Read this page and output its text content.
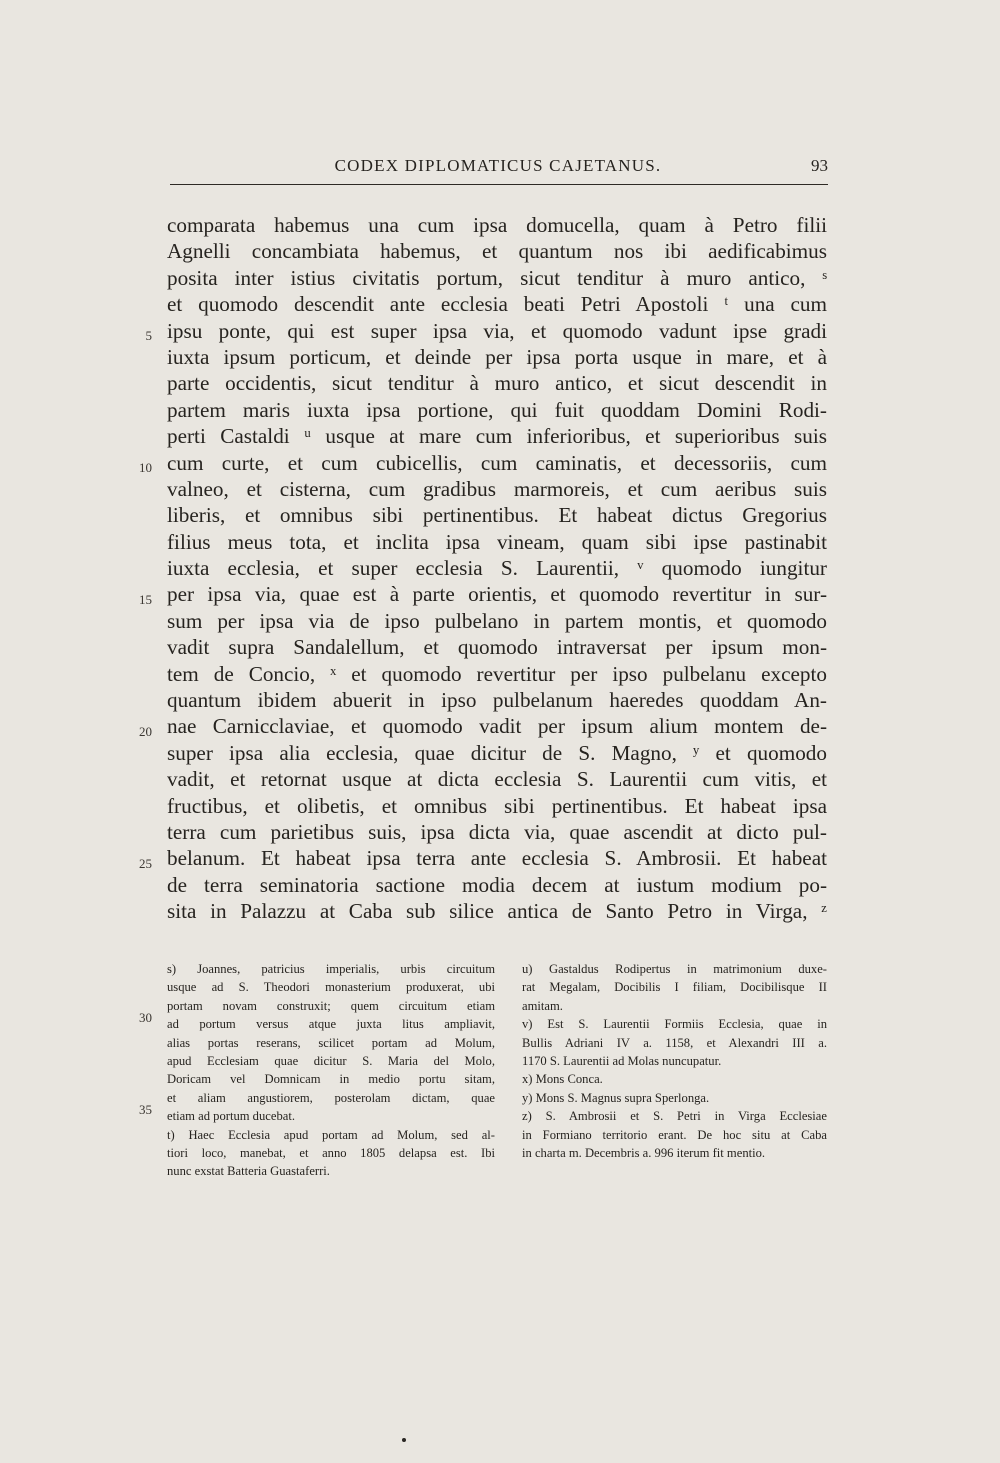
CODEX DIPLOMATICUS CAJETANUS.	93
comparata habemus una cum ipsa domucella, quam à Petro filii
Agnelli concambiata habemus, et quantum nos ibi aedificabimus
posita inter istius civitatis portum, sicut tenditur à muro antico, ˢ
et quomodo descendit ante ecclesia beati Petri Apostoli ᵗ una cum
ipsu ponte, qui est super ipsa via, et quomodo vadunt ipse gradi
iuxta ipsum porticum, et deinde per ipsa porta usque in mare, et à
parte occidentis, sicut tenditur à muro antico, et sicut descendit in
partem maris iuxta ipsa portione, qui fuit quoddam Domini Rodi-
perti Castaldi ᵘ usque at mare cum inferioribus, et superioribus suis
cum curte, et cum cubicellis, cum caminatis, et decessoriis, cum
valneo, et cisterna, cum gradibus marmoreis, et cum aeribus suis
liberis, et omnibus sibi pertinentibus. Et habeat dictus Gregorius
filius meus tota, et inclita ipsa vineam, quam sibi ipse pastinabit
iuxta ecclesia, et super ecclesia S. Laurentii, ᵛ quomodo iungitur
per ipsa via, quae est à parte orientis, et quomodo revertitur in sur-
sum per ipsa via de ipso pulbelano in partem montis, et quomodo
vadit supra Sandalellum, et quomodo intraversat per ipsum mon-
tem de Concio, ˣ et quomodo revertitur per ipso pulbelanu excepto
quantum ibidem abuerit in ipso pulbelanum haeredes quoddam An-
nae Carnicclaviae, et quomodo vadit per ipsum alium montem de-
super ipsa alia ecclesia, quae dicitur de S. Magno, ʸ et quomodo
vadit, et retornat usque at dicta ecclesia S. Laurentii cum vitis, et
fructibus, et olibetis, et omnibus sibi pertinentibus. Et habeat ipsa
terra cum parietibus suis, ipsa dicta via, quae ascendit at dicto pul-
belanum. Et habeat ipsa terra ante ecclesia S. Ambrosii. Et habeat
de terra seminatoria sactione modia decem at iustum modium po-
sita in Palazzu at Caba sub silice antica de Santo Petro in Virga, ᶻ
5
10
15
20
25
30
35
s) Joannes, patricius imperialis, urbis circuitum
usque ad S. Theodori monasterium produxerat, ubi
portam novam construxit; quem circuitum etiam
ad portum versus atque juxta litus ampliavit,
alias portas reserans, scilicet portam ad Molum,
apud Ecclesiam quae dicitur S. Maria del Molo,
Doricam vel Domnicam in medio portu sitam,
et aliam angustiorem, posterolam dictam, quae
etiam ad portum ducebat.
t) Haec Ecclesia apud portam ad Molum, sed al-
tiori loco, manebat, et anno 1805 delapsa est. Ibi
nunc exstat Batteria Guastaferri.
u) Gastaldus Rodipertus in matrimonium duxe-
rat Megalam, Docibilis I filiam, Docibilisque II
amitam.
v) Est S. Laurentii Formiis Ecclesia, quae in
Bullis Adriani IV a. 1158, et Alexandri III a.
1170 S. Laurentii ad Molas nuncupatur.
x) Mons Conca.
y) Mons S. Magnus supra Sperlonga.
z) S. Ambrosii et S. Petri in Virga Ecclesiae
in Formiano territorio erant. De hoc situ at Caba
in charta m. Decembris a. 996 iterum fit mentio.
